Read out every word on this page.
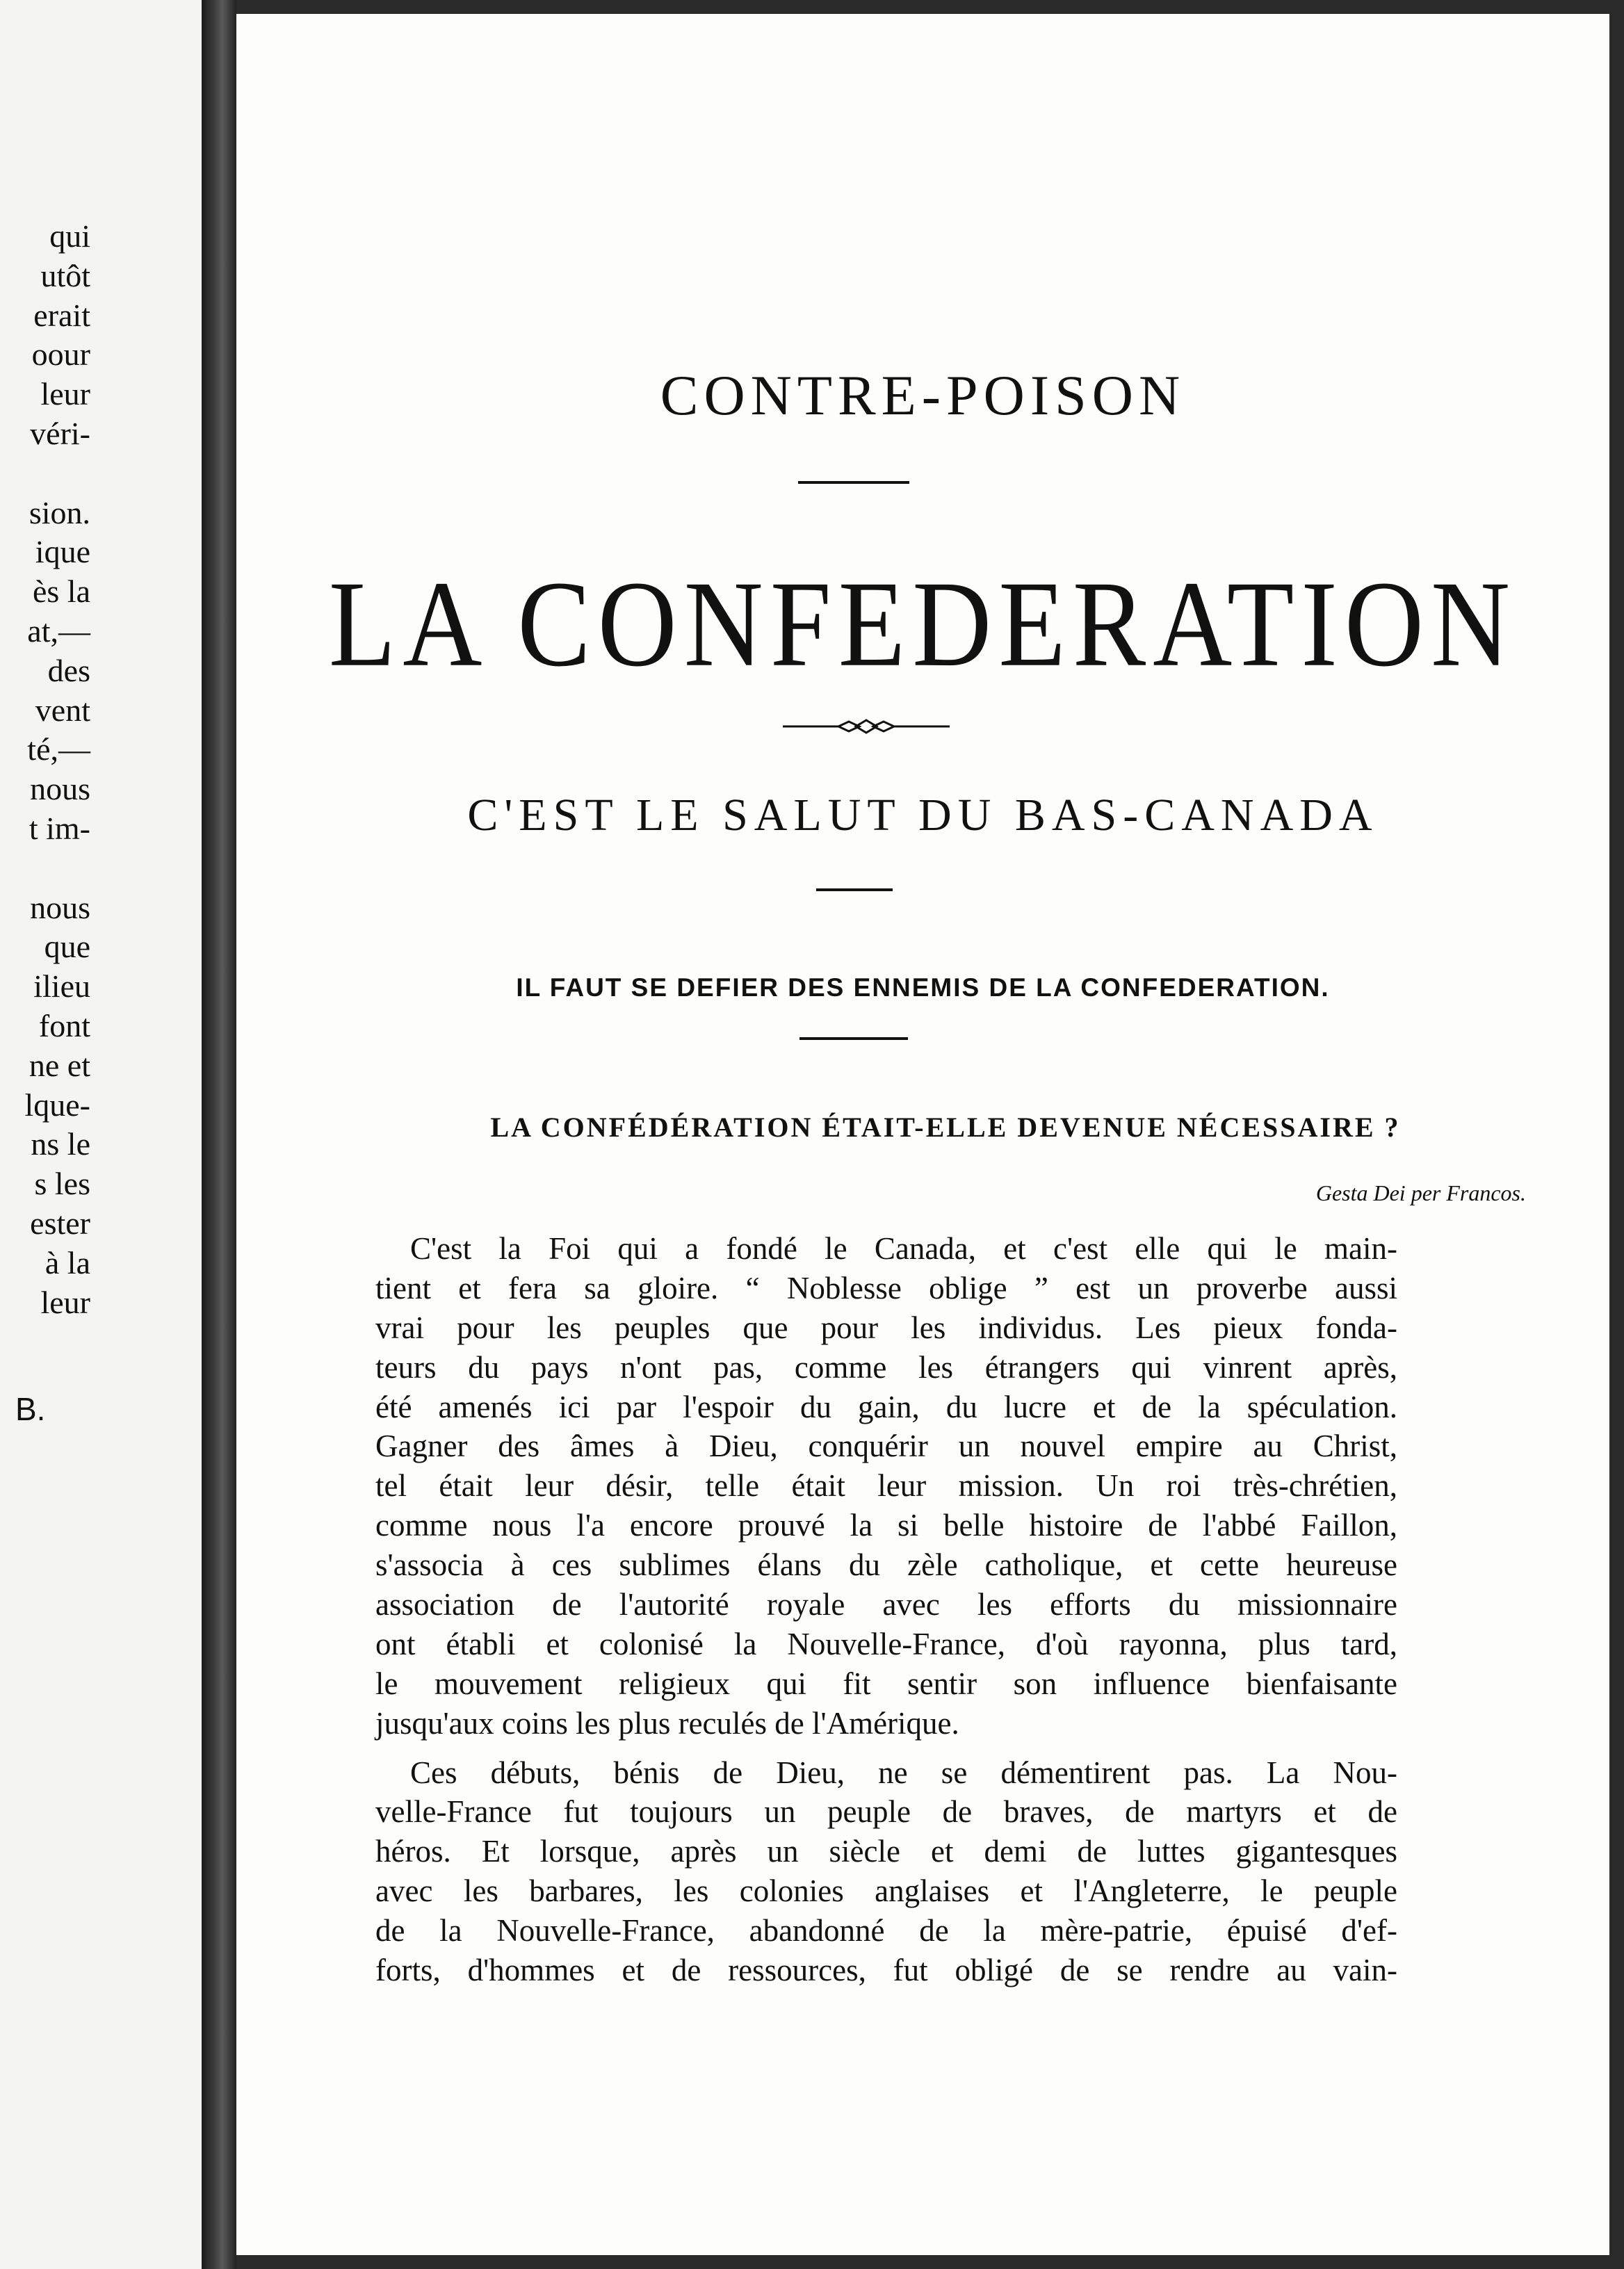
qui
utôt
erait
oour
leur
véri-
sion.
ique
ès la
at,—
des
vent
té,—
nous
t im-
nous
que
ilieu
font
ne et
lque-
ns le
s les
ester
à la
leur
B.
CONTRE-POISON
LA CONFEDERATION
C'EST LE SALUT DU BAS-CANADA
IL FAUT SE DEFIER DES ENNEMIS DE LA CONFEDERATION.
LA CONFÉDÉRATION ÉTAIT-ELLE DEVENUE NÉCESSAIRE ?
Gesta Dei per Francos.

C'est la Foi qui a fondé le Canada, et c'est elle qui le main-
tient et fera sa gloire. “ Noblesse oblige ” est un proverbe aussi
vrai pour les peuples que pour les individus. Les pieux fonda-
teurs du pays n'ont pas, comme les étrangers qui vinrent après,
été amenés ici par l'espoir du gain, du lucre et de la spéculation.
Gagner des âmes à Dieu, conquérir un nouvel empire au Christ,
tel était leur désir, telle était leur mission. Un roi très-chrétien,
comme nous l'a encore prouvé la si belle histoire de l'abbé Faillon,
s'associa à ces sublimes élans du zèle catholique, et cette heureuse
association de l'autorité royale avec les efforts du missionnaire
ont établi et colonisé la Nouvelle-France, d'où rayonna, plus tard,
le mouvement religieux qui fit sentir son influence bienfaisante
jusqu'aux coins les plus reculés de l'Amérique.

Ces débuts, bénis de Dieu, ne se démentirent pas. La Nou-
velle-France fut toujours un peuple de braves, de martyrs et de
héros. Et lorsque, après un siècle et demi de luttes gigantesques
avec les barbares, les colonies anglaises et l'Angleterre, le peuple
de la Nouvelle-France, abandonné de la mère-patrie, épuisé d'ef-
forts, d'hommes et de ressources, fut obligé de se rendre au vain-
